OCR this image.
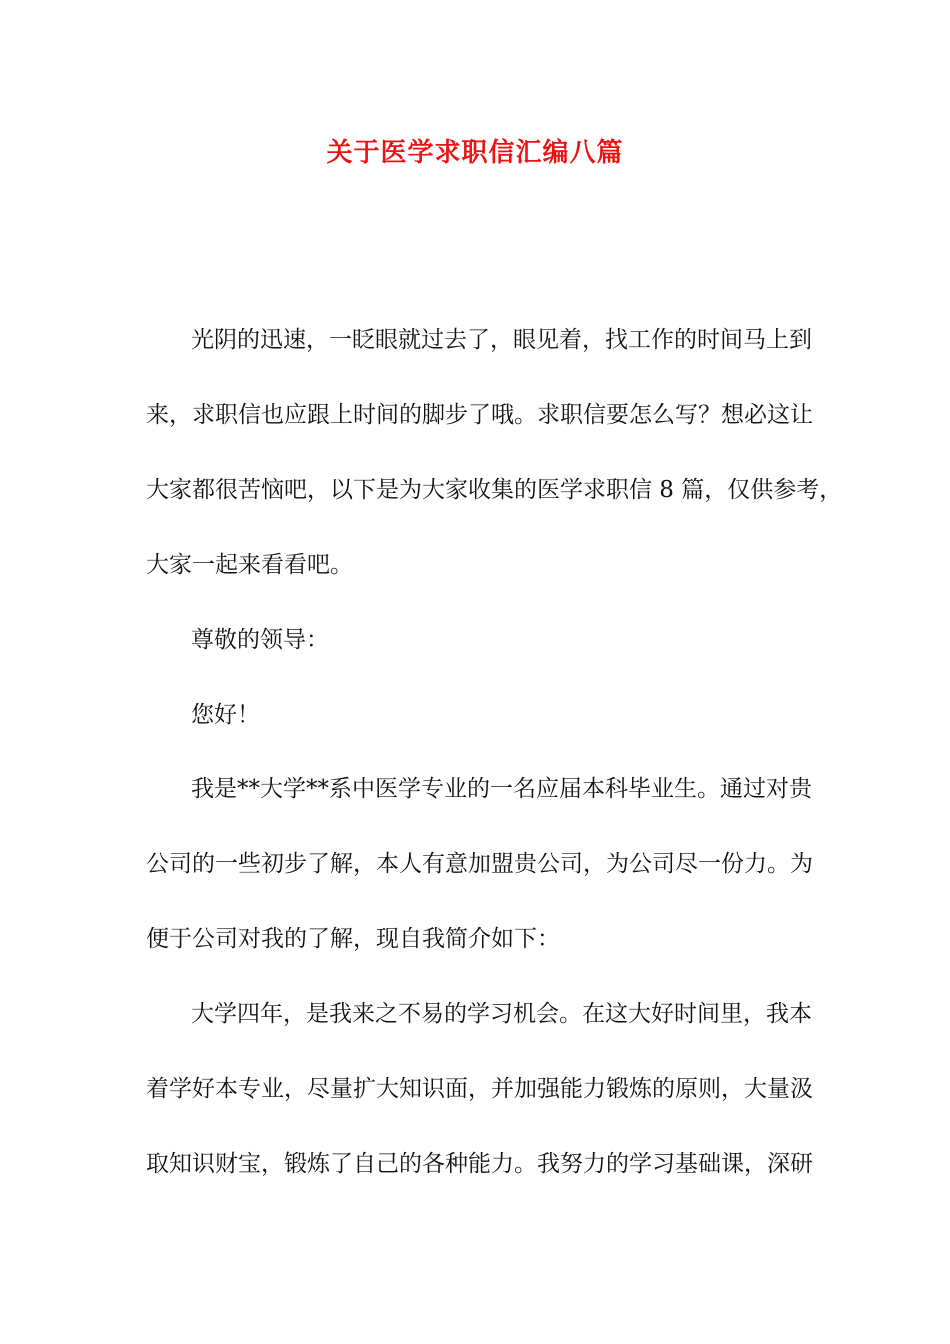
关于医学求职信汇编八篇
光阴的迅速，一眨眼就过去了，眼见着，找工作的时间马上到
来，求职信也应跟上时间的脚步了哦。求职信要怎么写？想必这让
大家都很苦恼吧，以下是为大家收集的医学求职信 8 篇，仅供参考，
大家一起来看看吧。
尊敬的领导：
您好！
我是**大学**系中医学专业的一名应届本科毕业生。通过对贵
公司的一些初步了解，本人有意加盟贵公司，为公司尽一份力。为
便于公司对我的了解，现自我简介如下：
大学四年，是我来之不易的学习机会。在这大好时间里，我本
着学好本专业，尽量扩大知识面，并加强能力锻炼的原则，大量汲
取知识财宝，锻炼了自己的各种能力。我努力的学习基础课，深研
